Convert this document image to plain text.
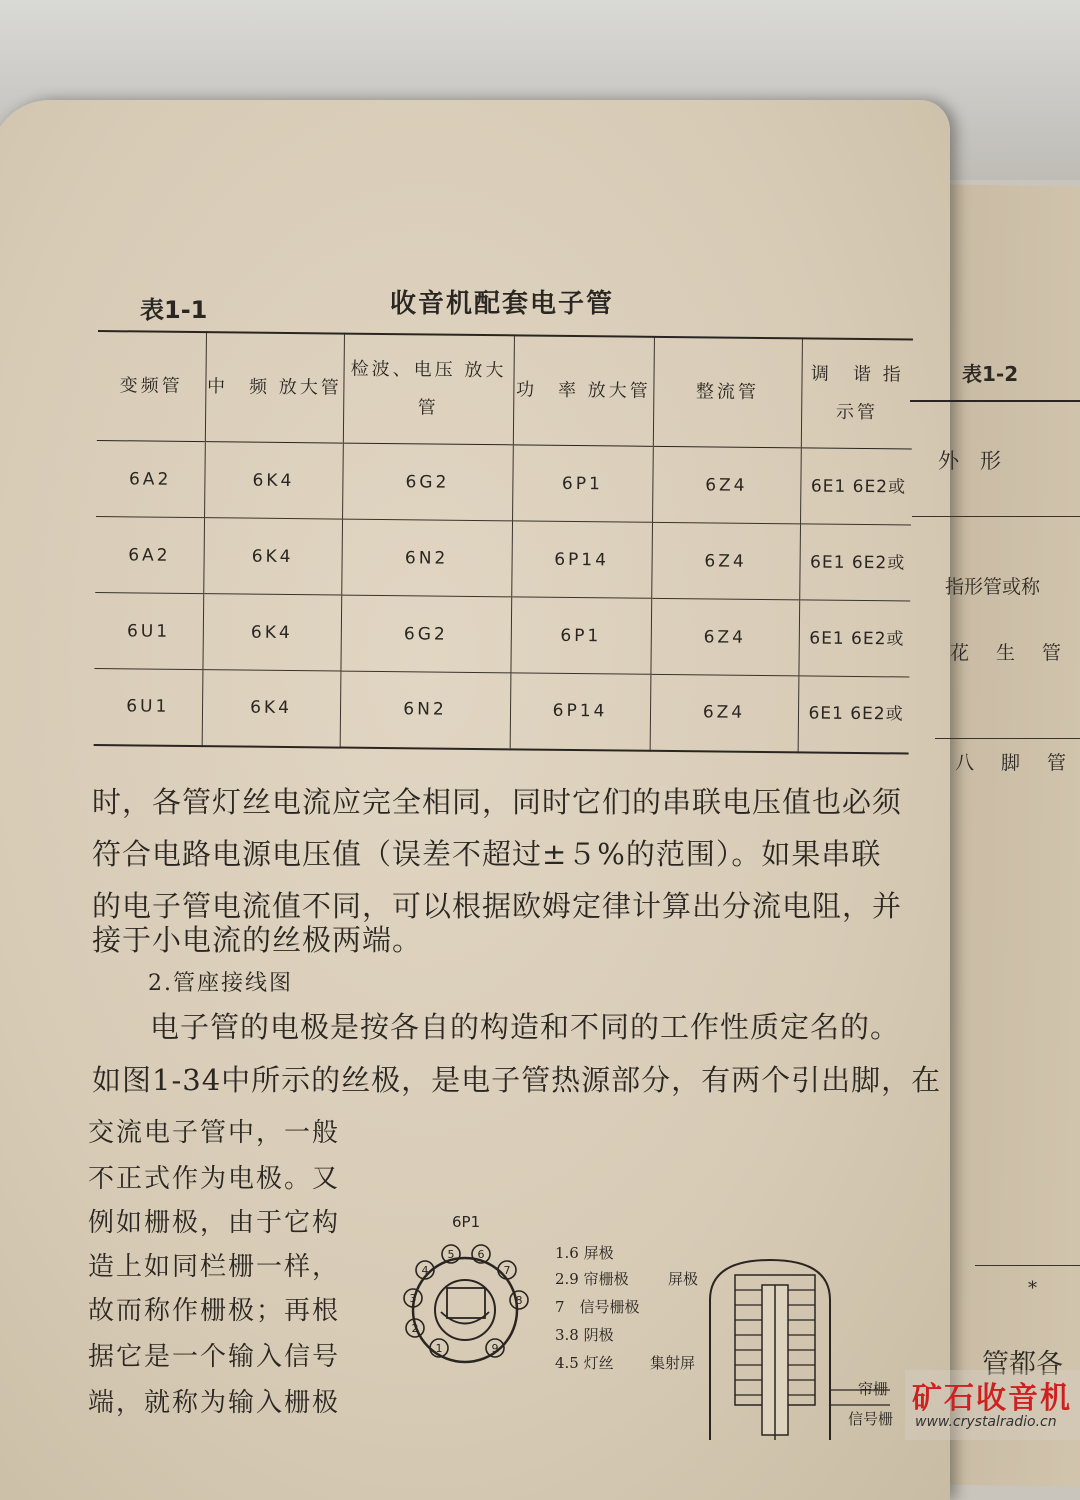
表1-1	收音机配套电子管
变频管	中　频 放大管	检波、电压 放大管	功　率 放大管	整流管	调　谐 指示管
6A2	6K4	6G2	6P1	6Z4	6E1 6E2或
6A2	6K4	6N2	6P14	6Z4	6E1 6E2或
6U1	6K4	6G2	6P1	6Z4	6E1 6E2或
6U1	6K4	6N2	6P14	6Z4	6E1 6E2或
时，各管灯丝电流应完全相同，同时它们的串联电压值也必须
符合电路电源电压值（误差不超过±５%的范围）。如果串联
的电子管电流值不同，可以根据欧姆定律计算出分流电阻，并
接于小电流的丝极两端。
2.管座接线图
电子管的电极是按各自的构造和不同的工作性质定名的。
如图1-34中所示的丝极，是电子管热源部分，有两个引出脚，在
交流电子管中，一般
不正式作为电极。又
例如栅极，由于它构
造上如同栏栅一样，
故而称作栅极；再根
据它是一个输入信号
端，就称为输入栅极
6P1
1
2
3
4
5 6
7
8
9
1.6 屏极
2.9 帘栅极
7　信号栅极
3.8 阴极
4.5 灯丝
屏极
集射屏
帘栅
信号栅
表1-2
外　形
指形管或称
花　生　管
八　脚　管
*
管都各
矿石收音机
www.crystalradio.cn
